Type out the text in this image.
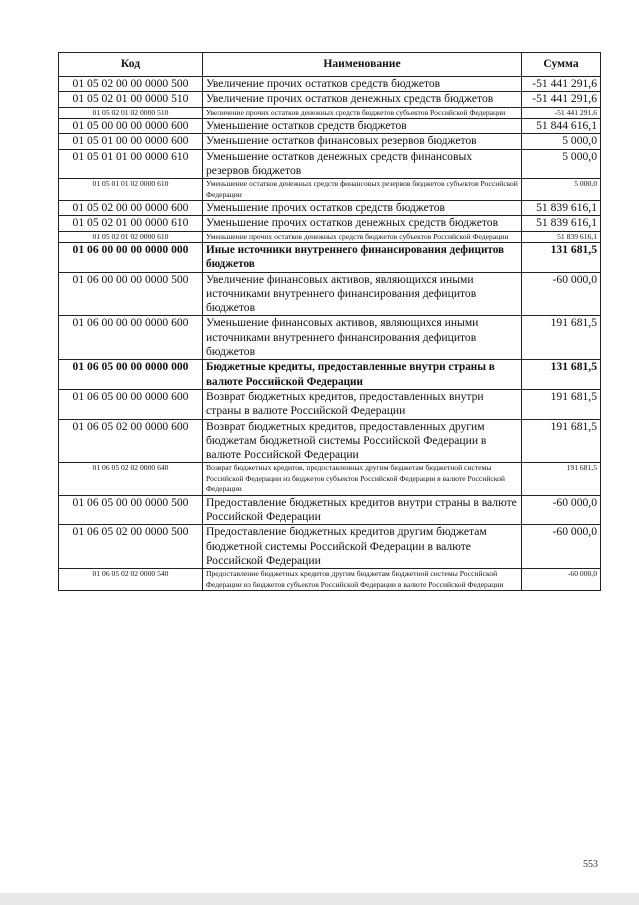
Код	Наименование	Сумма
01 05 02 00 00 0000 500	Увеличение прочих остатков средств бюджетов	-51 441 291,6
01 05 02 01 00 0000 510	Увеличение прочих остатков денежных средств бюджетов	-51 441 291,6
01 05 02 01 02 0000 510	Увеличение прочих остатков денежных средств бюджетов субъектов Российской Федерации	-51 441 291,6
01 05 00 00 00 0000 600	Уменьшение остатков средств бюджетов	51 844 616,1
01 05 01 00 00 0000 600	Уменьшение остатков финансовых резервов бюджетов	5 000,0
01 05 01 01 00 0000 610	Уменьшение остатков денежных средств финансовых резервов бюджетов	5 000,0
01 05 01 01 02 0000 610	Уменьшение остатков денежных средств финансовых резервов бюджетов субъектов Российской Федерации	5 000,0
01 05 02 00 00 0000 600	Уменьшение прочих остатков средств бюджетов	51 839 616,1
01 05 02 01 00 0000 610	Уменьшение прочих остатков денежных средств бюджетов	51 839 616,1
01 05 02 01 02 0000 610	Уменьшение прочих остатков денежных средств бюджетов субъектов Российской Федерации	51 839 616,1
01 06 00 00 00 0000 000	Иные источники внутреннего финансирования дефицитов бюджетов	131 681,5
01 06 00 00 00 0000 500	Увеличение финансовых активов, являющихся иными источниками внутреннего финансирования дефицитов бюджетов	-60 000,0
01 06 00 00 00 0000 600	Уменьшение финансовых активов, являющихся иными источниками внутреннего финансирования дефицитов бюджетов	191 681,5
01 06 05 00 00 0000 000	Бюджетные кредиты, предоставленные внутри страны в валюте Российской Федерации	131 681,5
01 06 05 00 00 0000 600	Возврат бюджетных кредитов, предоставленных внутри страны в валюте Российской Федерации	191 681,5
01 06 05 02 00 0000 600	Возврат бюджетных кредитов, предоставленных другим бюджетам бюджетной системы Российской Федерации в валюте Российской Федерации	191 681,5
01 06 05 02 02 0000 640	Возврат бюджетных кредитов, предоставленных другим бюджетам бюджетной системы Российской Федерации из бюджетов субъектов Российской Федерации в валюте Российской Федерации	191 681,5
01 06 05 00 00 0000 500	Предоставление бюджетных кредитов внутри страны в валюте Российской Федерации	-60 000,0
01 06 05 02 00 0000 500	Предоставление бюджетных кредитов другим бюджетам бюджетной системы Российской Федерации в валюте Российской Федерации	-60 000,0
01 06 05 02 02 0000 540	Предоставление бюджетных кредитов другим бюджетам бюджетной системы Российской Федерации из бюджетов субъектов Российской Федерации в валюте Российской Федерации	-60 000,0
553
